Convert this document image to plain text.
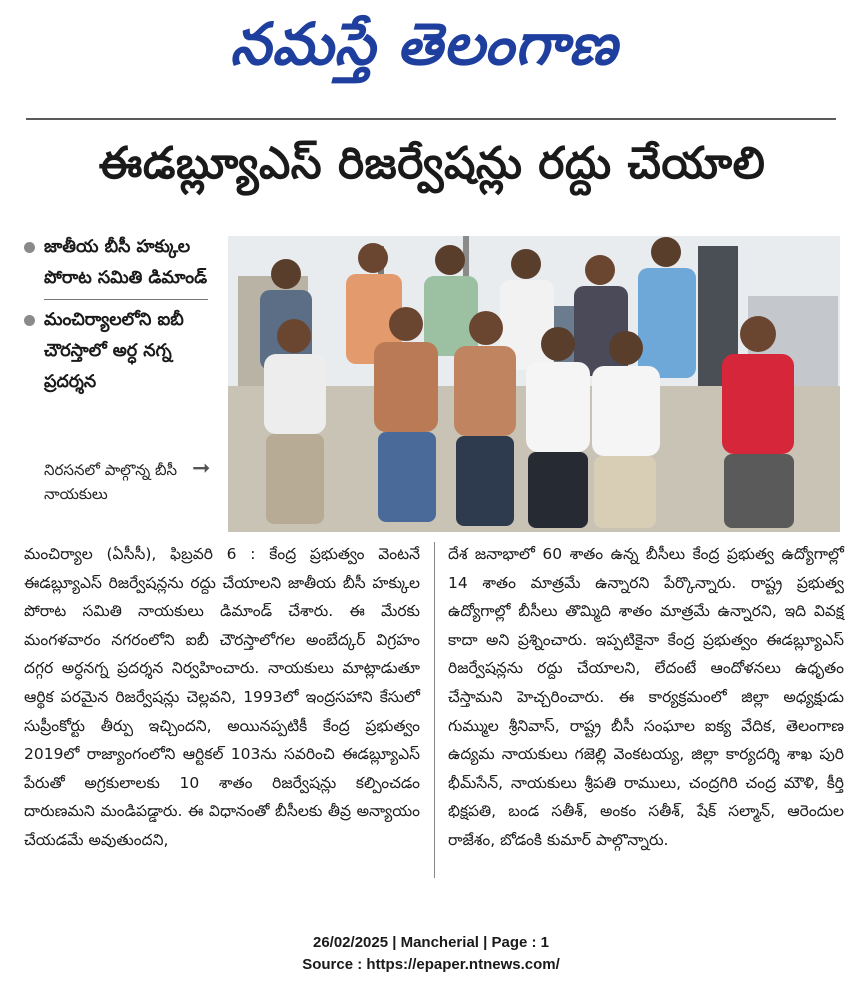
నమస్తే తెలంగాణ
ఈడబ్ల్యూఎస్ రిజర్వేషన్లు రద్దు చేయాలి
జాతీయ బీసీ హక్కుల పోరాట సమితి డిమాండ్
మంచిర్యాలలోని ఐబీ చౌరస్తాలో అర్ధ నగ్న ప్రదర్శన
నిరసనలో పాల్గొన్న బీసీ నాయకులు
➞
మంచిర్యాల (ఏసీసీ), ఫిబ్రవరి 6 : కేంద్ర ప్రభుత్వం వెంటనే ఈడబ్ల్యూఎస్ రిజర్వేషన్లను రద్దు చేయాలని జాతీయ బీసీ హక్కుల పోరాట సమితి నాయకులు డిమాండ్ చేశారు. ఈ మేరకు మంగళవారం నగరంలోని ఐబీ చౌరస్తాలోగల అంబేద్కర్ విగ్రహం దగ్గర అర్ధనగ్న ప్రదర్శన నిర్వహించారు. నాయకులు మాట్లాడుతూ ఆర్థిక పరమైన రిజర్వేషన్లు చెల్లవని, 1993లో ఇంద్రసహాని కేసులో సుప్రీంకోర్టు తీర్పు ఇచ్చిందని, అయినప్పటికీ కేంద్ర ప్రభుత్వం 2019లో రాజ్యాంగంలోని ఆర్టికల్ 103ను సవరించి ఈడబ్ల్యూఎస్ పేరుతో అగ్రకులాలకు 10 శాతం రిజర్వేషన్లు కల్పించడం దారుణమని మండిపడ్డారు. ఈ విధానంతో బీసీలకు తీవ్ర అన్యాయం చేయడమే అవుతుందని,
దేశ జనాభాలో 60 శాతం ఉన్న బీసీలు కేంద్ర ప్రభుత్వ ఉద్యోగాల్లో 14 శాతం మాత్రమే ఉన్నారని పేర్కొన్నారు. రాష్ట్ర ప్రభుత్వ ఉద్యోగాల్లో బీసీలు తొమ్మిది శాతం మాత్రమే ఉన్నారని, ఇది వివక్ష కాదా అని ప్రశ్నించారు. ఇప్పటికైనా కేంద్ర ప్రభుత్వం ఈడబ్ల్యూఎస్ రిజర్వేషన్లను రద్దు చేయాలని, లేదంటే ఆందోళనలు ఉధృతం చేస్తామని హెచ్చరించారు. ఈ కార్యక్రమంలో జిల్లా అధ్యక్షుడు గుమ్ముల శ్రీనివాస్, రాష్ట్ర బీసీ సంఘాల ఐక్య వేదిక, తెలంగాణ ఉద్యమ నాయకులు గజెల్లి వెంకటయ్య, జిల్లా కార్యదర్శి శాఖ పురి భీమ్‌సేన్, నాయకులు శ్రీపతి రాములు, చంద్రగిరి చంద్ర మౌళి, కీర్తి భిక్షపతి, బండ సతీశ్, అంకం సతీశ్, షేక్ సల్మాన్, ఆరెందుల రాజేశం, బోడంకి కుమార్ పాల్గొన్నారు.
26/02/2025 | Mancherial | Page : 1
Source : https://epaper.ntnews.com/
